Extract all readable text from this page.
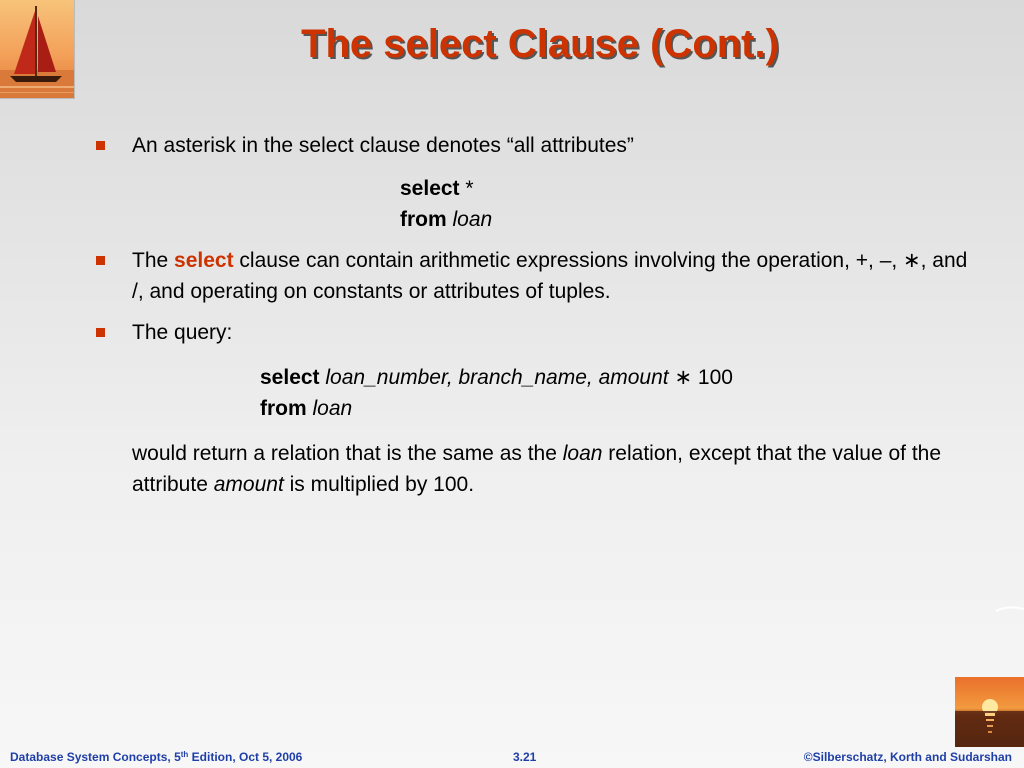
The select Clause (Cont.)
An asterisk in the select clause denotes “all attributes”
select *
from loan
The select clause can contain arithmetic expressions involving the operation, +, –, ∗, and /, and operating on constants or attributes of tuples.
The query:
select loan_number, branch_name, amount ∗ 100
from loan
would return a relation that is the same as the loan relation, except that the value of the attribute amount is multiplied by 100.
Database System Concepts, 5th Edition, Oct 5, 2006	3.21	©Silberschatz, Korth and Sudarshan
